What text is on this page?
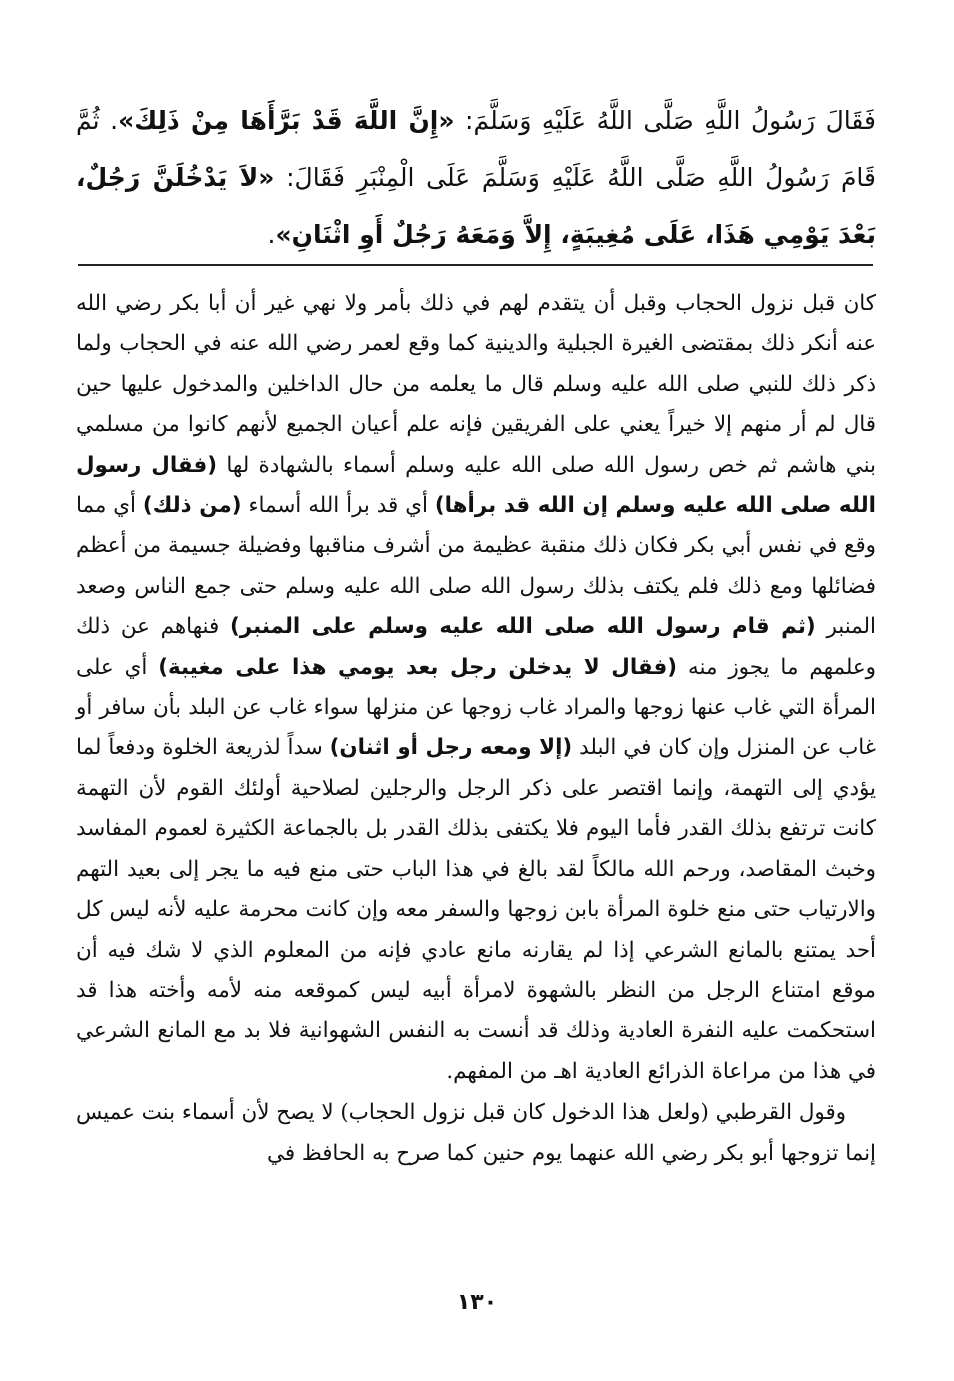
فَقَالَ رَسُولُ اللَّهِ صَلَّى اللَّهُ عَلَيْهِ وَسَلَّمَ: «إِنَّ اللَّهَ قَدْ بَرَّأَهَا مِنْ ذَلِكَ». ثُمَّ قَامَ رَسُولُ اللَّهِ صَلَّى اللَّهُ عَلَيْهِ وَسَلَّمَ عَلَى الْمِنْبَرِ فَقَالَ: «لاَ يَدْخُلَنَّ رَجُلٌ، بَعْدَ يَوْمِي هَذَا، عَلَى مُغِيبَةٍ، إِلاَّ وَمَعَهُ رَجُلٌ أَوِ اثْنَانِ».

كان قبل نزول الحجاب وقبل أن يتقدم لهم في ذلك بأمر ولا نهي غير أن أبا بكر رضي الله عنه أنكر ذلك بمقتضى الغيرة الجبلية والدينية كما وقع لعمر رضي الله عنه في الحجاب ولما ذكر ذلك للنبي صلى الله عليه وسلم قال ما يعلمه من حال الداخلين والمدخول عليها حين قال لم أر منهم إلا خيراً يعني على الفريقين فإنه علم أعيان الجميع لأنهم كانوا من مسلمي بني هاشم ثم خص رسول الله صلى الله عليه وسلم أسماء بالشهادة لها (فقال رسول الله صلى الله عليه وسلم إن الله قد برأها) أي قد برأ الله أسماء (من ذلك) أي مما وقع في نفس أبي بكر فكان ذلك منقبة عظيمة من أشرف مناقبها وفضيلة جسيمة من أعظم فضائلها ومع ذلك فلم يكتف بذلك رسول الله صلى الله عليه وسلم حتى جمع الناس وصعد المنبر (ثم قام رسول الله صلى الله عليه وسلم على المنبر) فنهاهم عن ذلك وعلمهم ما يجوز منه (فقال لا يدخلن رجل بعد يومي هذا على مغيبة) أي على المرأة التي غاب عنها زوجها والمراد غاب زوجها عن منزلها سواء غاب عن البلد بأن سافر أو غاب عن المنزل وإن كان في البلد (إلا ومعه رجل أو اثنان) سداً لذريعة الخلوة ودفعاً لما يؤدي إلى التهمة، وإنما اقتصر على ذكر الرجل والرجلين لصلاحية أولئك القوم لأن التهمة كانت ترتفع بذلك القدر فأما اليوم فلا يكتفى بذلك القدر بل بالجماعة الكثيرة لعموم المفاسد وخبث المقاصد، ورحم الله مالكاً لقد بالغ في هذا الباب حتى منع فيه ما يجر إلى بعيد التهم والارتياب حتى منع خلوة المرأة بابن زوجها والسفر معه وإن كانت محرمة عليه لأنه ليس كل أحد يمتنع بالمانع الشرعي إذا لم يقارنه مانع عادي فإنه من المعلوم الذي لا شك فيه أن موقع امتناع الرجل من النظر بالشهوة لامرأة أبيه ليس كموقعه منه لأمه وأخته هذا قد استحكمت عليه النفرة العادية وذلك قد أنست به النفس الشهوانية فلا بد مع المانع الشرعي في هذا من مراعاة الذرائع العادية اهـ من المفهم.

وقول القرطبي (ولعل هذا الدخول كان قبل نزول الحجاب) لا يصح لأن أسماء بنت عميس إنما تزوجها أبو بكر رضي الله عنهما يوم حنين كما صرح به الحافظ في

١٣٠
